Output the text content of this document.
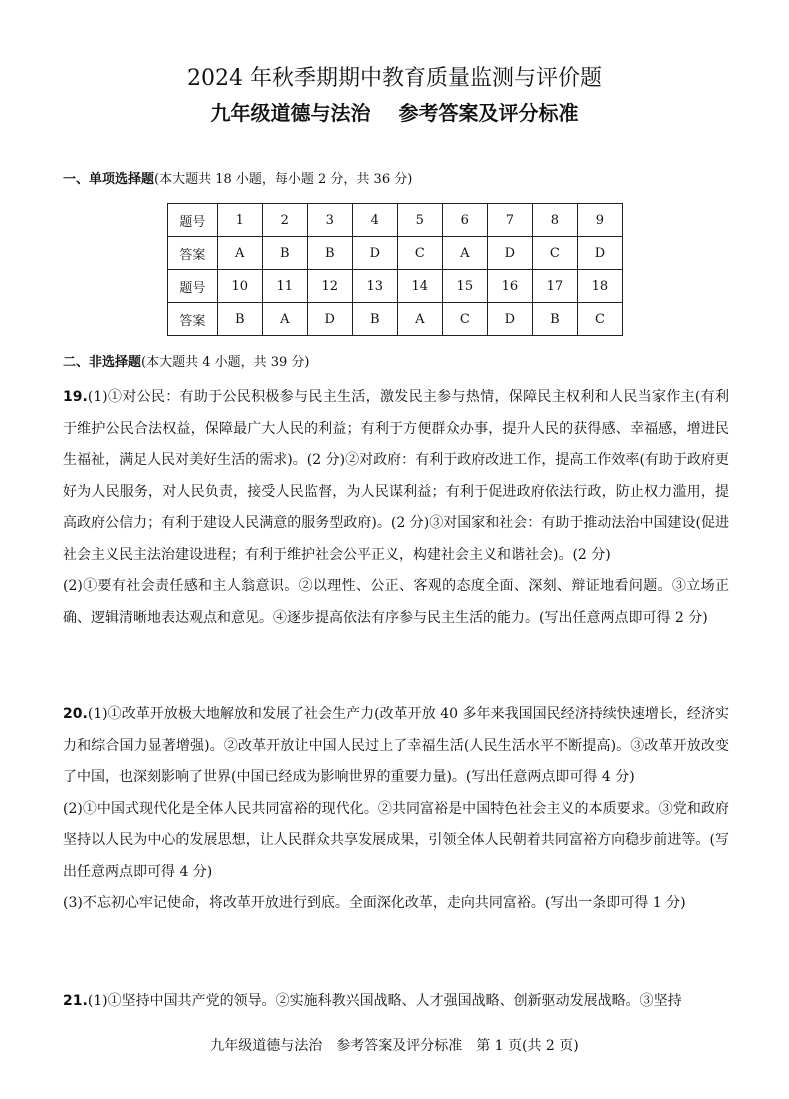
2024 年秋季期期中教育质量监测与评价题
九年级道德与法治 参考答案及评分标准
一、单项选择题(本大题共 18 小题，每小题 2 分，共 36 分)
题号	1	2	3	4	5	6	7	8	9
答案	A	B	B	D	C	A	D	C	D
题号	10	11	12	13	14	15	16	17	18
答案	B	A	D	B	A	C	D	B	C
二、非选择题(本大题共 4 小题，共 39 分)

19.(1)①对公民：有助于公民积极参与民主生活，激发民主参与热情，保障民主权利和人民当家作主(有利于维护公民合法权益，保障最广大人民的利益；有利于方便群众办事，提升人民的获得感、幸福感，增进民生福祉，满足人民对美好生活的需求)。(2 分)②对政府：有利于政府改进工作，提高工作效率(有助于政府更好为人民服务，对人民负责，接受人民监督，为人民谋利益；有利于促进政府依法行政，防止权力滥用，提高政府公信力；有利于建设人民满意的服务型政府)。(2 分)③对国家和社会：有助于推动法治中国建设(促进社会主义民主法治建设进程；有利于维护社会公平正义，构建社会主义和谐社会)。(2 分)

(2)①要有社会责任感和主人翁意识。②以理性、公正、客观的态度全面、深刻、辩证地看问题。③立场正确、逻辑清晰地表达观点和意见。④逐步提高依法有序参与民主生活的能力。(写出任意两点即可得 2 分)

20.(1)①改革开放极大地解放和发展了社会生产力(改革开放 40 多年来我国国民经济持续快速增长，经济实力和综合国力显著增强)。②改革开放让中国人民过上了幸福生活(人民生活水平不断提高)。③改革开放改变了中国，也深刻影响了世界(中国已经成为影响世界的重要力量)。(写出任意两点即可得 4 分)

(2)①中国式现代化是全体人民共同富裕的现代化。②共同富裕是中国特色社会主义的本质要求。③党和政府坚持以人民为中心的发展思想，让人民群众共享发展成果，引领全体人民朝着共同富裕方向稳步前进等。(写出任意两点即可得 4 分)

(3)不忘初心牢记使命，将改革开放进行到底。全面深化改革，走向共同富裕。(写出一条即可得 1 分)

21.(1)①坚持中国共产党的领导。②实施科教兴国战略、人才强国战略、创新驱动发展战略。③坚持

九年级道德与法治　参考答案及评分标准　第 1 页(共 2 页)
